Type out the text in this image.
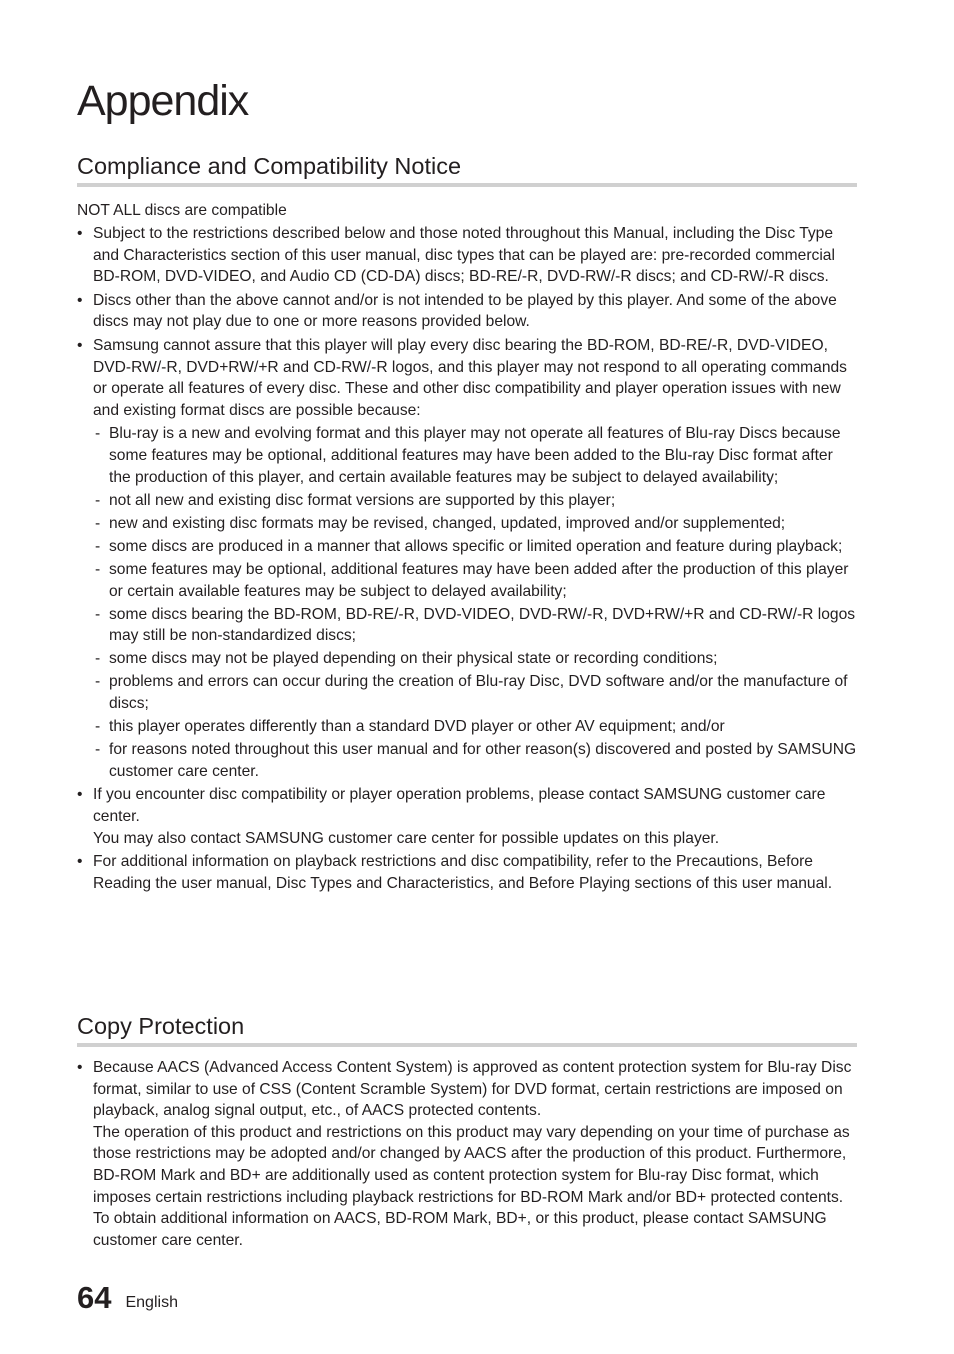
Appendix
Compliance and Compatibility Notice

NOT ALL discs are compatible

• Subject to the restrictions described below and those noted throughout this Manual, including the Disc Type and Characteristics section of this user manual, disc types that can be played are: pre-recorded commercial BD-ROM, DVD-VIDEO, and Audio CD (CD-DA) discs; BD-RE/-R, DVD-RW/-R discs; and CD-RW/-R discs.
• Discs other than the above cannot and/or is not intended to be played by this player. And some of the above discs may not play due to one or more reasons provided below.

• Samsung cannot assure that this player will play every disc bearing the BD-ROM, BD-RE/-R, DVD-VIDEO, DVD-RW/-R, DVD+RW/+R and CD-RW/-R logos, and this player may not respond to all operating commands or operate all features of every disc. These and other disc compatibility and player operation issues with new and existing format discs are possible because:

- Blu-ray is a new and evolving format and this player may not operate all features of Blu-ray Discs because some features may be optional, additional features may have been added to the Blu-ray Disc format after the production of this player, and certain available features may be subject to delayed availability;
- not all new and existing disc format versions are supported by this player;
- new and existing disc formats may be revised, changed, updated, improved and/or supplemented;
- some discs are produced in a manner that allows specific or limited operation and feature during playback;
- some features may be optional, additional features may have been added after the production of this player or certain available features may be subject to delayed availability;
- some discs bearing the BD-ROM, BD-RE/-R, DVD-VIDEO, DVD-RW/-R, DVD+RW/+R and CD-RW/-R logos may still be non-standardized discs;
- some discs may not be played depending on their physical state or recording conditions;
- problems and errors can occur during the creation of Blu-ray Disc, DVD software and/or the manufacture of discs;
- this player operates differently than a standard DVD player or other AV equipment; and/or
- for reasons noted throughout this user manual and for other reason(s) discovered and posted by SAMSUNG customer care center.

• If you encounter disc compatibility or player operation problems, please contact SAMSUNG customer care center.

You may also contact SAMSUNG customer care center for possible updates on this player.

• For additional information on playback restrictions and disc compatibility, refer to the Precautions, Before Reading the user manual, Disc Types and Characteristics, and Before Playing sections of this user manual.
Copy Protection

• Because AACS (Advanced Access Content System) is approved as content protection system for Blu-ray Disc format, similar to use of CSS (Content Scramble System) for DVD format, certain restrictions are imposed on playback, analog signal output, etc., of AACS protected contents.

The operation of this product and restrictions on this product may vary depending on your time of purchase as those restrictions may be adopted and/or changed by AACS after the production of this product. Furthermore, BD-ROM Mark and BD+ are additionally used as content protection system for Blu-ray Disc format, which imposes certain restrictions including playback restrictions for BD-ROM Mark and/or BD+ protected contents. To obtain additional information on AACS, BD-ROM Mark, BD+, or this product, please contact SAMSUNG customer care center.

64 English
